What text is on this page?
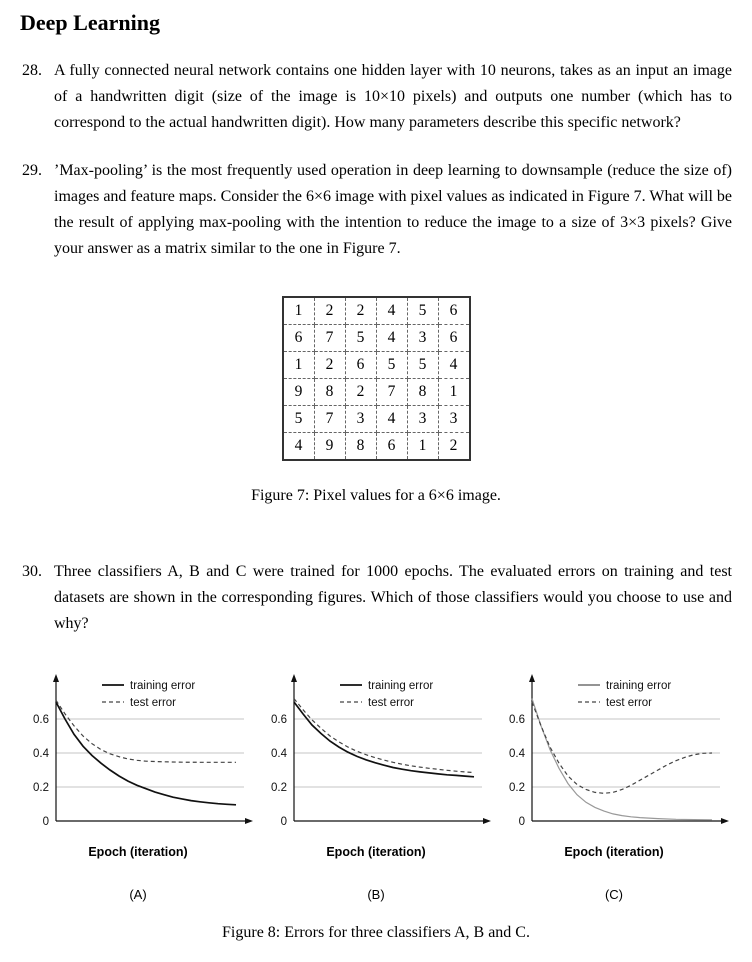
Deep Learning
28. A fully connected neural network contains one hidden layer with 10 neurons, takes as an input an image of a handwritten digit (size of the image is 10×10 pixels) and outputs one number (which has to correspond to the actual handwritten digit). How many parameters describe this specific network?
29. ’Max-pooling’ is the most frequently used operation in deep learning to downsample (reduce the size of) images and feature maps. Consider the 6×6 image with pixel values as indicated in Figure 7. What will be the result of applying max-pooling with the intention to reduce the image to a size of 3×3 pixels? Give your answer as a matrix similar to the one in Figure 7.
1	2	2	4	5	6
6	7	5	4	3	6
1	2	6	5	5	4
9	8	2	7	8	1
5	7	3	4	3	3
4	9	8	6	1	2
Figure 7: Pixel values for a 6×6 image.
30. Three classifiers A, B and C were trained for 1000 epochs. The evaluated errors on training and test datasets are shown in the corresponding figures. Which of those classifiers would you choose to use and why?
0
0.2
0.4
0.6
training error
test error
Epoch (iteration)
(A)
0
0.2
0.4
0.6
training error
test error
Epoch (iteration)
(B)
0
0.2
0.4
0.6
training error
test error
Epoch (iteration)
(C)
Figure 8: Errors for three classifiers A, B and C.
